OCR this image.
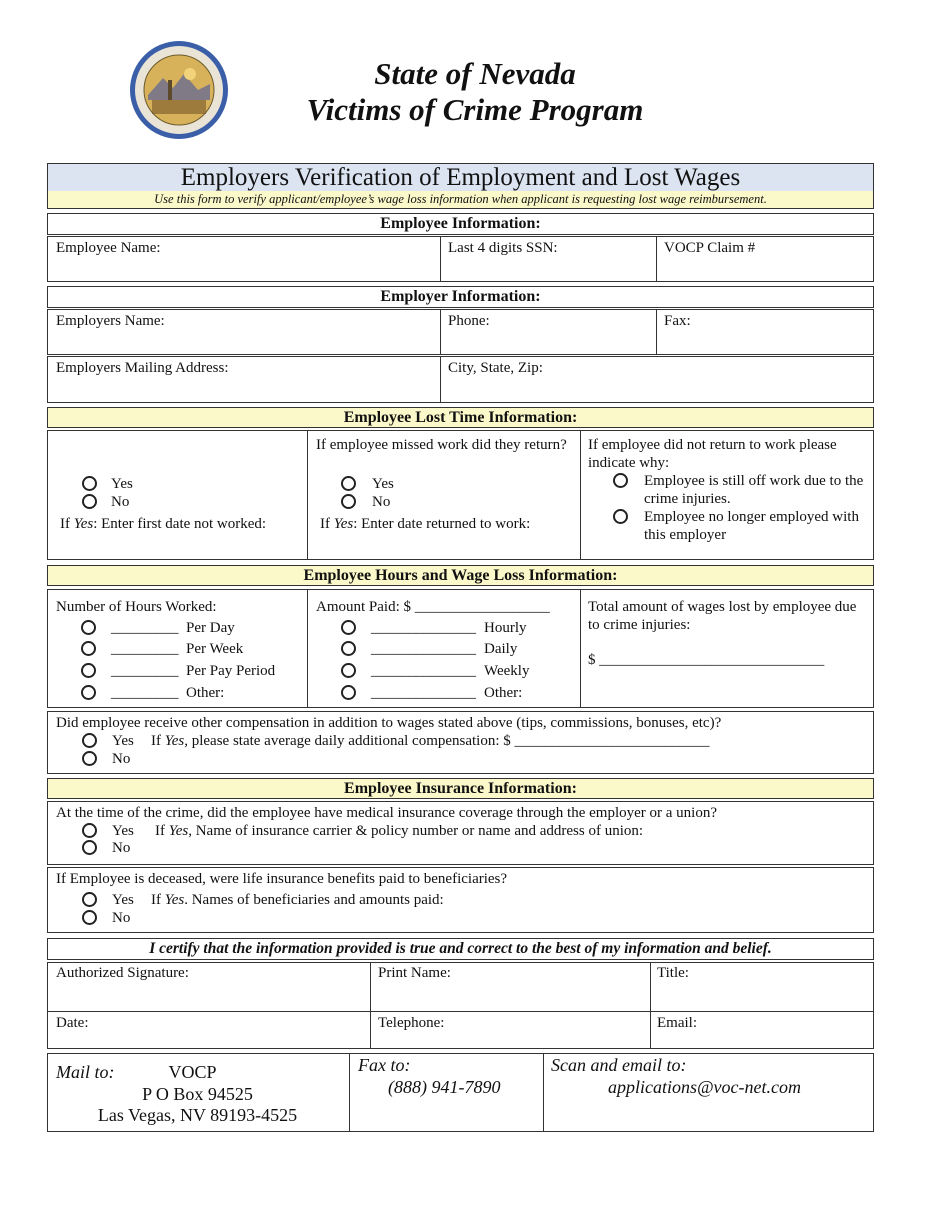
State of Nevada
Victims of Crime Program
Employers Verification of Employment and Lost Wages
Use this form to verify applicant/employee’s wage loss information when applicant is requesting lost wage reimbursement.
Employee Information:
Employee Name:	Last 4 digits SSN:	VOCP Claim #
Employer Information:
Employers Name:	Phone:	Fax:
Employers Mailing Address:	City, State, Zip:
Employee Lost Time Information:
Yes
No
If Yes: Enter first date not worked:
If employee missed work did they return?
Yes
No
If Yes: Enter date returned to work:
If employee did not return to work please indicate why:
Employee is still off work due to the crime injuries.
Employee no longer employed with this employer
Employee Hours and Wage Loss Information:
Number of Hours Worked:
_________ Per Day
_________ Per Week
_________ Per Pay Period
_________ Other:
Amount Paid: $ __________________
______________ Hourly
______________ Daily
______________ Weekly
______________ Other:
Total amount of wages lost by employee due to crime injuries:
$ ______________________________
Did employee receive other compensation in addition to wages stated above (tips, commissions, bonuses, etc)?
Yes If Yes, please state average daily additional compensation: $ __________________________
No
Employee Insurance Information:
At the time of the crime, did the employee have medical insurance coverage through the employer or a union?
Yes If Yes, Name of insurance carrier & policy number or name and address of union:
No
If Employee is deceased, were life insurance benefits paid to beneficiaries?
Yes If Yes. Names of beneficiaries and amounts paid:
No
I certify that the information provided is true and correct to the best of my information and belief.
Authorized Signature:	Print Name:	Title:
Date:	Telephone:	Email:
Mail to:	VOCP
P O Box 94525
Las Vegas, NV 89193-4525
Fax to:
(888) 941-7890
Scan and email to:
applications@voc-net.com
